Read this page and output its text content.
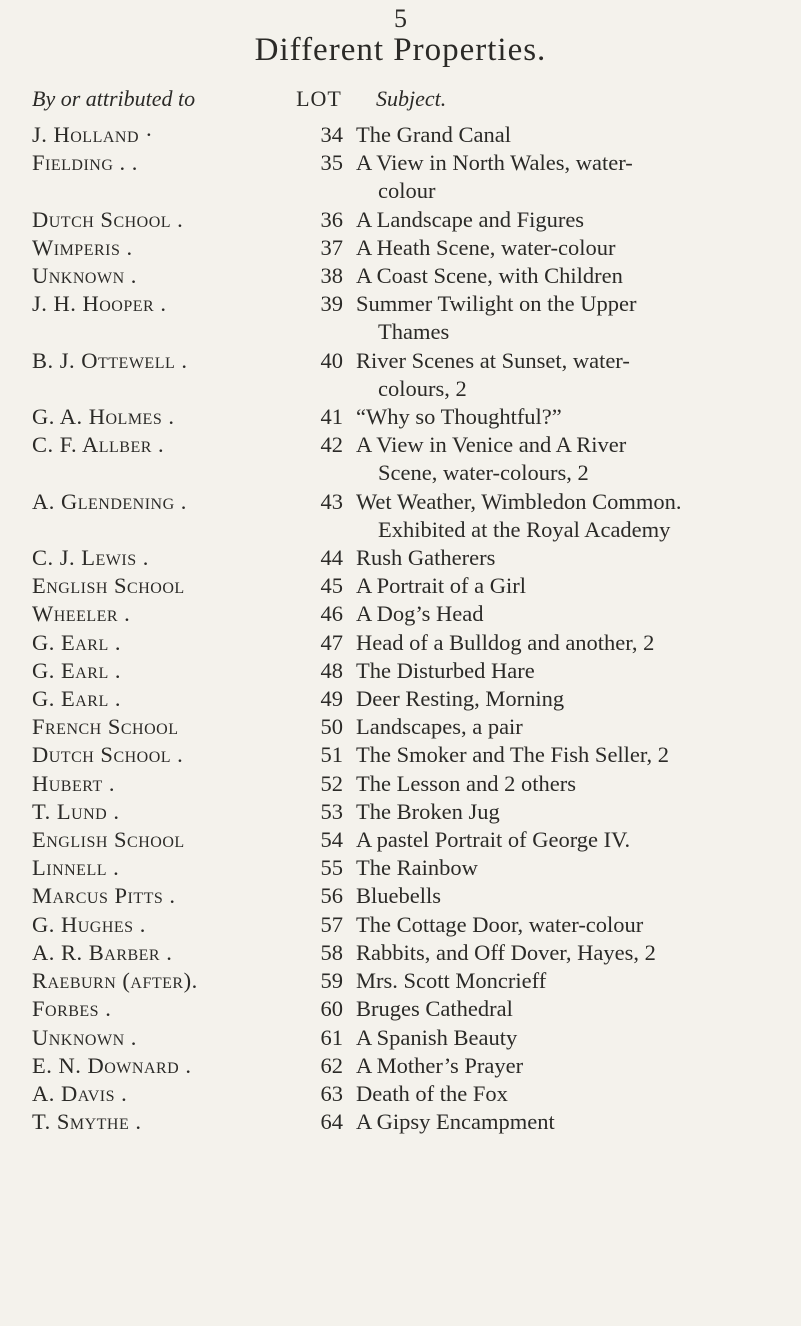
5
Different Properties.
By or attributed to	LOT Subject.
J. Holland ·	34 The Grand Canal
Fielding . .	35 A View in North Wales, water-
colour
Dutch School .	36 A Landscape and Figures
Wimperis .	37 A Heath Scene, water-colour
Unknown .	38 A Coast Scene, with Children
J. H. Hooper .	39 Summer Twilight on the Upper
Thames
B. J. Ottewell .	40 River Scenes at Sunset, water-
colours, 2
G. A. Holmes .	41 “Why so Thoughtful?”
C. F. Allber .	42 A View in Venice and A River
Scene, water-colours, 2
A. Glendening .	43 Wet Weather, Wimbledon Common.
Exhibited at the Royal Academy
C. J. Lewis .	44 Rush Gatherers
English School	45 A Portrait of a Girl
Wheeler .	46 A Dog’s Head
G. Earl .	47 Head of a Bulldog and another, 2
G. Earl .	48 The Disturbed Hare
G. Earl .	49 Deer Resting, Morning
French School	50 Landscapes, a pair
Dutch School .	51 The Smoker and The Fish Seller, 2
Hubert .	52 The Lesson and 2 others
T. Lund .	53 The Broken Jug
English School	54 A pastel Portrait of George IV.
Linnell .	55 The Rainbow
Marcus Pitts .	56 Bluebells
G. Hughes .	57 The Cottage Door, water-colour
A. R. Barber .	58 Rabbits, and Off Dover, Hayes, 2
Raeburn (after).	59 Mrs. Scott Moncrieff
Forbes .	60 Bruges Cathedral
Unknown .	61 A Spanish Beauty
E. N. Downard .	62 A Mother’s Prayer
A. Davis .	63 Death of the Fox
T. Smythe .	64 A Gipsy Encampment
